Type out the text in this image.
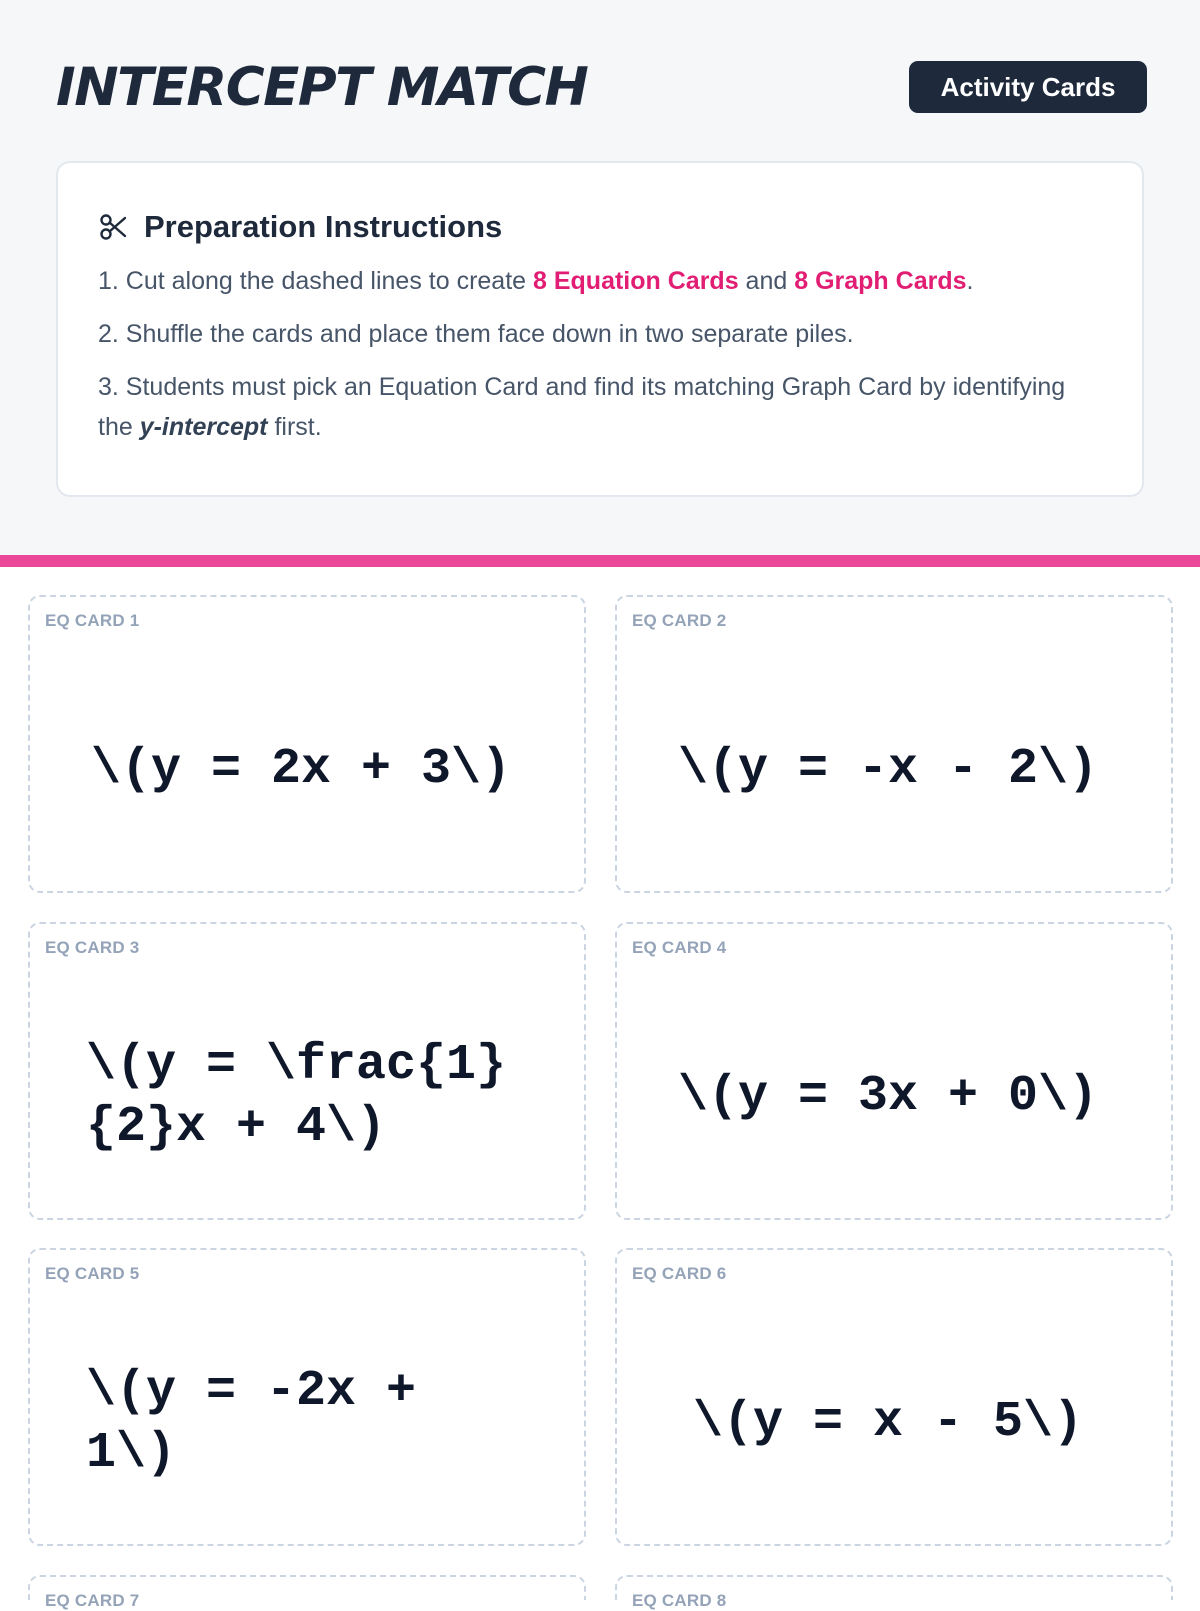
INTERCEPT MATCH	Activity Cards
Preparation Instructions

1. Cut along the dashed lines to create 8 Equation Cards and 8 Graph Cards.

2. Shuffle the cards and place them face down in two separate piles.

3. Students must pick an Equation Card and find its matching Graph Card by identifying the y-intercept first.

EQ CARD 1
\(y = 2x + 3\)
EQ CARD 2
\(y = -x - 2\)
EQ CARD 3
\(y = \frac{1}{2}x + 4\)
EQ CARD 4
\(y = 3x + 0\)
EQ CARD 5
\(y = -2x + 1\)
EQ CARD 6
\(y = x - 5\)
EQ CARD 7	EQ CARD 8
